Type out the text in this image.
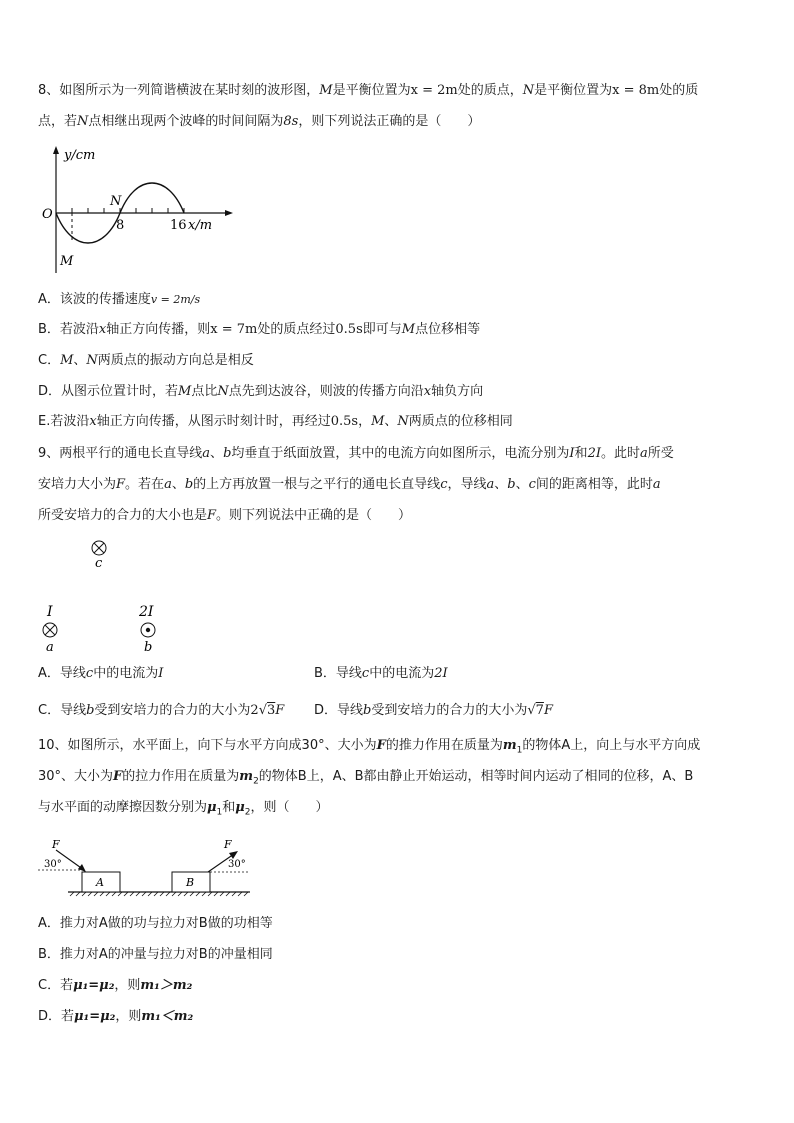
8、如图所示为一列简谐横波在某时刻的波形图，M是平衡位置为x = 2m处的质点，N是平衡位置为x = 8m处的质
点，若N点相继出现两个波峰的时间间隔为8s，则下列说法正确的是（　　）
y/cm
O
8	16 x/m
M
N
A．该波的传播速度v = 2m/s
B．若波沿x轴正方向传播，则x = 7m处的质点经过0.5s即可与M点位移相等
C．M、N两质点的振动方向总是相反
D．从图示位置计时，若M点比N点先到达波谷，则波的传播方向沿x轴负方向
E.若波沿x轴正方向传播，从图示时刻计时，再经过0.5s，M、N两质点的位移相同
9、两根平行的通电长直导线a、b均垂直于纸面放置，其中的电流方向如图所示，电流分别为I和2I。此时a所受
安培力大小为F。若在a、b的上方再放置一根与之平行的通电长直导线c，导线a、b、c间的距离相等，此时a
所受安培力的合力的大小也是F。则下列说法中正确的是（　　）
c
I
a
2I
b
A．导线c中的电流为I	B．导线c中的电流为2I
C．导线b受到安培力的合力的大小为2√3F D．导线b受到安培力的合力的大小为√7F
10、如图所示，水平面上，向下与水平方向成30°、大小为F的推力作用在质量为$m_1$的物体A上，向上与水平方向成
30°、大小为F的拉力作用在质量为$m_2$的物体B上，A、B都由静止开始运动，相等时间内运动了相同的位移，A、B
与水平面的动摩擦因数分别为$\mu_1$和$\mu_2$，则（　　）
A	B
F
30°
F
30°
A．推力对A做的功与拉力对B做的功相等
B．推力对A的冲量与拉力对B的冲量相同
C．若μ₁=μ₂，则m₁＞m₂
D．若μ₁=μ₂，则m₁＜m₂
